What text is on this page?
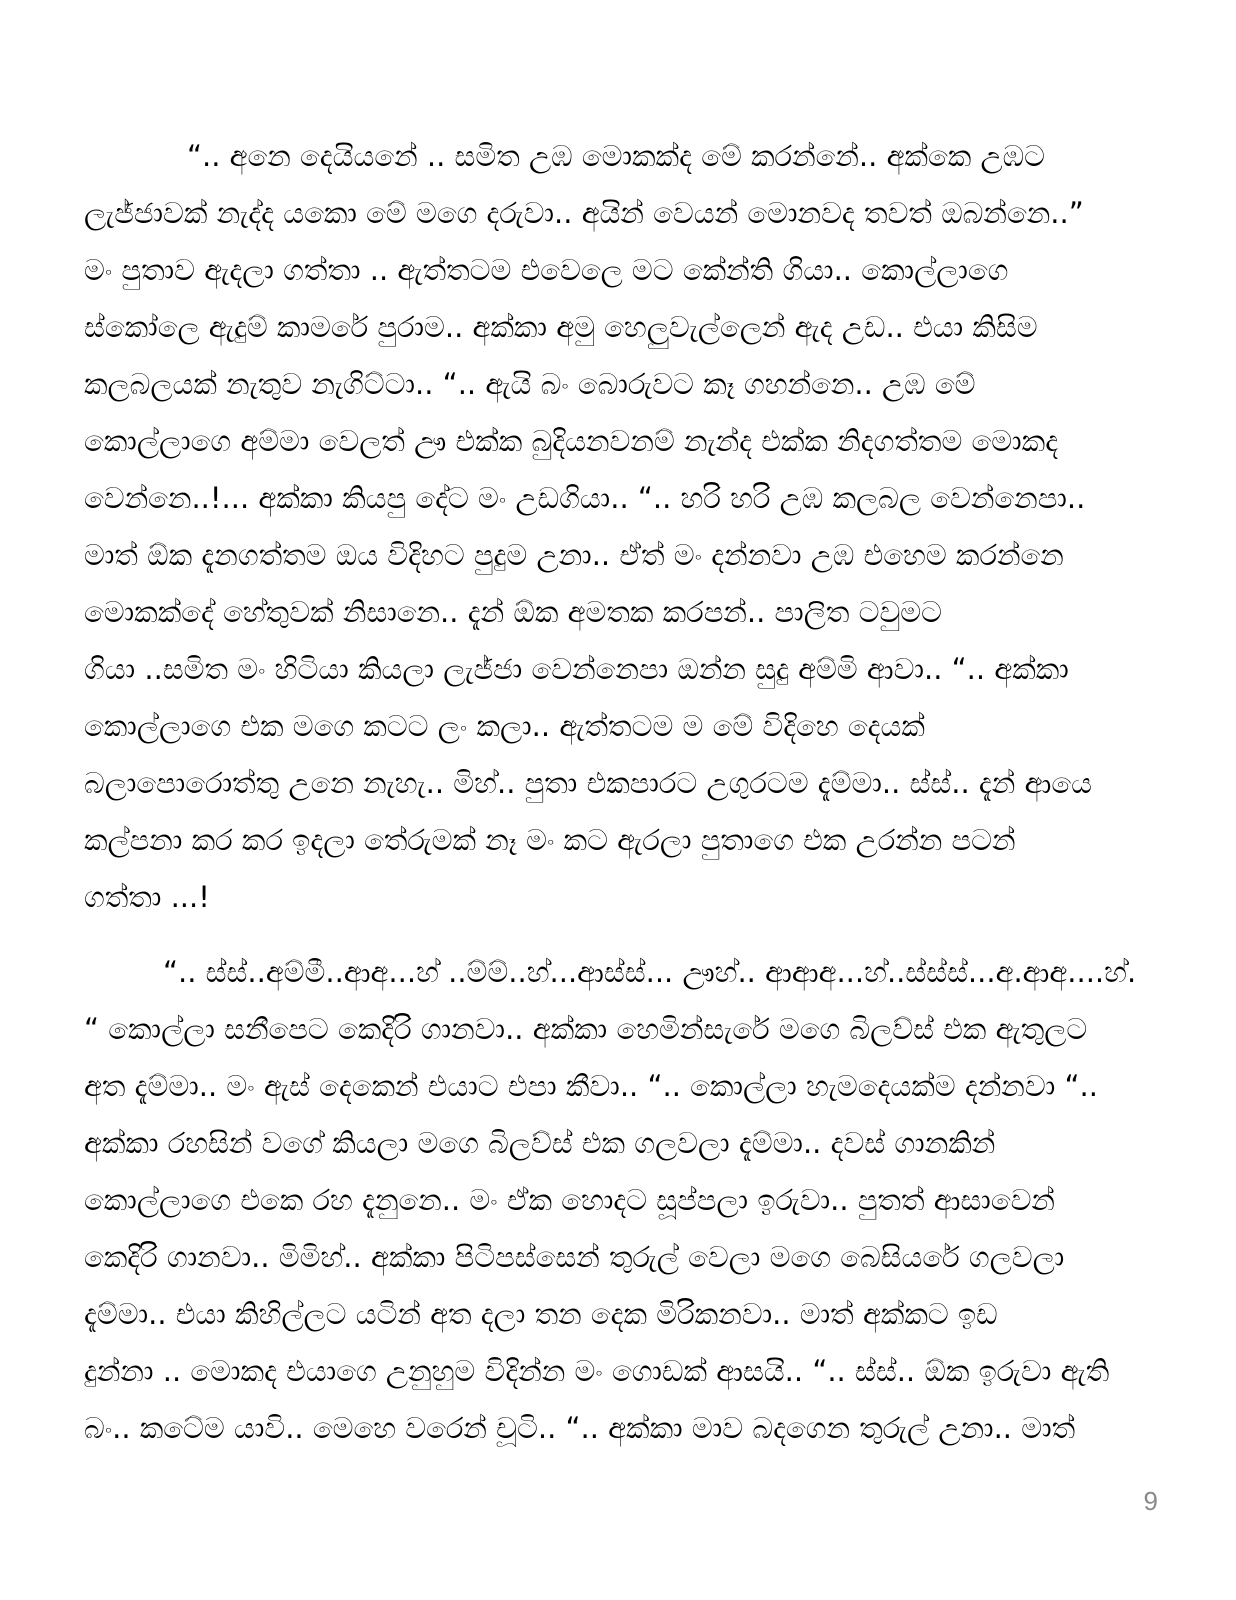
“.. අනෙ දෙයියනේ .. සමිත උඹ මොකක්ද මේ කරන්නේ.. අක්කෙ උඹට
ලැජ්ජාවක් නැද්ද යකො මේ මගෙ දරුවා.. අයින් වෙයන් මොනවද තවත් ඔබන්නෙ..”
මං පුතාව ඇදලා ගත්තා .. ඇත්තටම එවෙලෙ මට කේන්ති ගියා.. කොල්ලාගෙ
ස්කෝලෙ ඇදුම් කාමරේ පුරාම.. අක්කා අමු හෙලුවැල්ලෙන් ඇද උඩ.. එයා කිසිම
කලබලයක් නැතුව නැගිට්ටා.. “.. ඇයි බං බොරුවට කෑ ගහන්නෙ.. උඹ මේ
කොල්ලාගෙ අම්මා වෙලත් ඌ එක්ක බුදියනවනම් නැන්ද එක්ක නිදගත්තම මොකද
වෙන්නෙ..!... අක්කා කියපු දේට මං උඩගියා.. “.. හරි හරි උඹ කලබල වෙන්නෙපා..
මාත් ඕක දැනගත්තම ඔය විදිහට පුදුම උනා.. ඒත් මං දන්නවා උඹ එහෙම කරන්නෙ
මොකක්දේ හේතුවක් නිසානෙ.. දැන් ඕක අමතක කරපන්.. පාලිත ටවුමට
ගියා ..සමිත මං හිටියා කියලා ලැජ්ජා වෙන්නෙපා ඔන්න සුදු අම්මි ආවා.. “.. අක්කා
කොල්ලාගෙ එක මගෙ කටට ලං කලා.. ඇත්තටම ම මේ විදිහෙ දෙයක්
බලාපොරොත්තු උනෙ නැහැ.. මිහ්.. පුතා එකපාරට උගුරටම දැම්මා.. ස්ස්.. දැන් ආයෙ
කල්පනා කර කර ඉදලා තේරුමක් නෑ මං කට ඇරලා පුතාගෙ එක උරන්න පටන්
ගත්තා ...!
“.. ස්ස්..අම්මී..ආඅ...හ් ..ම්ම්..හ්...ආස්ස්... ඌහ්.. ආආඅ...හ්..ස්ස්ස්...අ.ආඅ....හ්.
“ කොල්ලා සනීපෙට කෙදිරි ගානවා.. අක්කා හෙමින්සැරේ මගෙ බිලව්ස් එක ඇතුලට
අත දැම්මා.. මං ඇස් දෙකෙන් එයාට එපා කීවා.. “.. කොල්ලා හැමදෙයක්ම දන්නවා “..
අක්කා රහසින් වගේ කියලා මගෙ බිලව්ස් එක ගලවලා දැම්මා.. දවස් ගානකින්
කොල්ලාගෙ එකෙ රහ දැනුනෙ.. මං ඒක හොදට සූප්පලා ඉරුවා.. පුතත් ආසාවෙන්
කෙදිරි ගානවා.. මිමිහ්.. අක්කා පිටිපස්සෙන් තුරුල් වෙලා මගෙ බෙසියරේ ගලවලා
දැම්මා.. එයා කිහිල්ලට යටින් අත දලා තන දෙක මිරිකනවා.. මාත් අක්කට ඉඩ
දුන්නා .. මොකද එයාගෙ උනුහුම විදින්න මං ගොඩක් ආසයි.. “.. ස්ස්.. ඕක ඉරුවා ඇති
බං.. කටේම යාවි.. මෙහෙ වරෙන් චූටි.. “.. අක්කා මාව බදගෙන තුරුල් උනා.. මාත්
9
